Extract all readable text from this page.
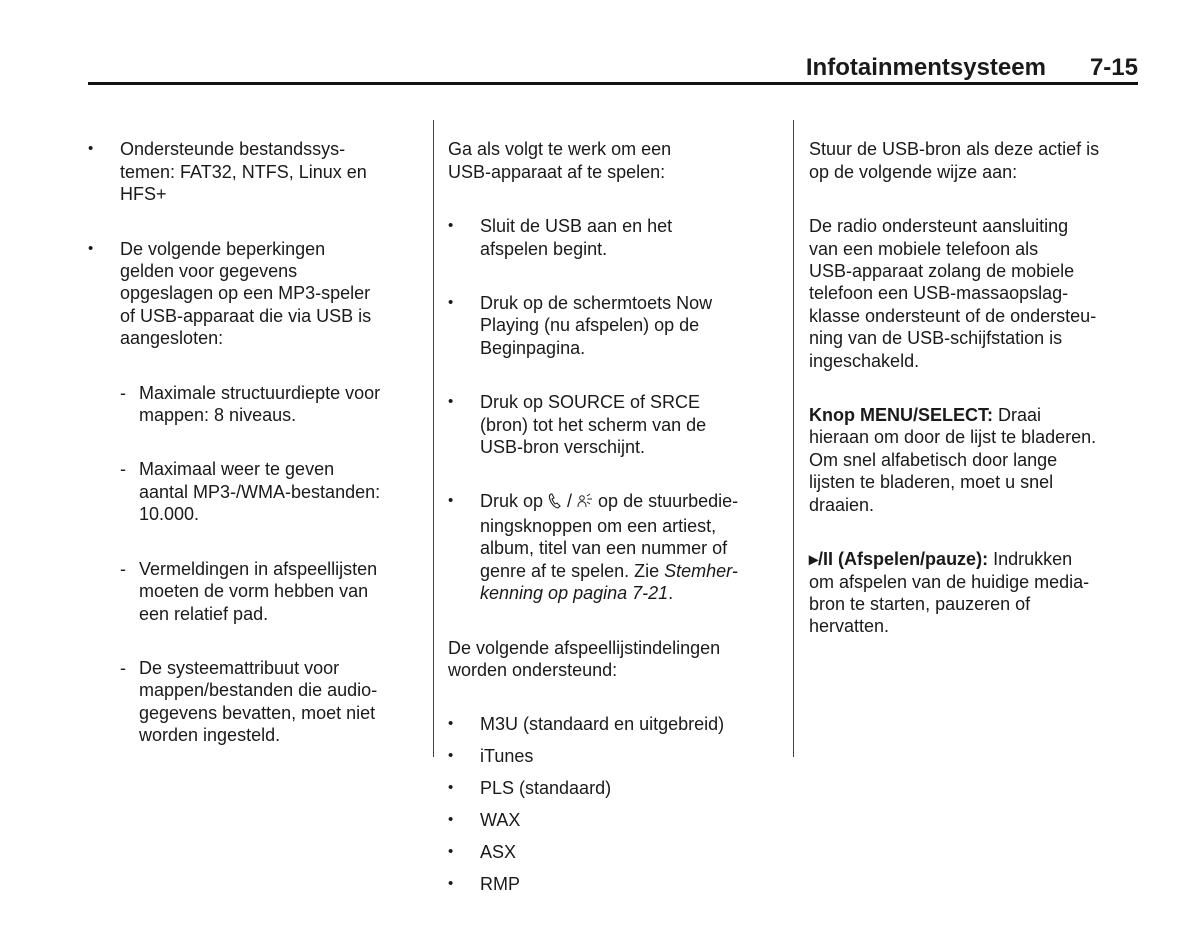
Infotainmentsysteem 7-15

•	Ondersteunde bestandssys-
temen: FAT32, NTFS, Linux en
HFS+

•	De volgende beperkingen
gelden voor gegevens
opgeslagen op een MP3-speler
of USB-apparaat die via USB is
aangesloten:

- Maximale structuurdiepte voor
mappen: 8 niveaus.

- Maximaal weer te geven
aantal MP3-/WMA-bestanden:
10.000.

- Vermeldingen in afspeellijsten
moeten de vorm hebben van
een relatief pad.

- De systeemattribuut voor
mappen/bestanden die audio-
gegevens bevatten, moet niet
worden ingesteld.

Ga als volgt te werk om een
USB-apparaat af te spelen:

•	Sluit de USB aan en het
afspelen begint.

•	Druk op de schermtoets Now
Playing (nu afspelen) op de
Beginpagina.

•	Druk op SOURCE of SRCE
(bron) tot het scherm van de
USB-bron verschijnt.

•	Druk op  /  op de stuurbedie-
ningsknoppen om een artiest,
album, titel van een nummer of
genre af te spelen. Zie Stemher-
kenning op pagina 7-21.

De volgende afspeellijstindelingen
worden ondersteund:

•	M3U (standaard en uitgebreid)
•	iTunes
•	PLS (standaard)
•	WAX
•	ASX
•	RMP

Stuur de USB-bron als deze actief is
op de volgende wijze aan:

De radio ondersteunt aansluiting
van een mobiele telefoon als
USB-apparaat zolang de mobiele
telefoon een USB-massaopslag-
klasse ondersteunt of de ondersteu-
ning van de USB-schijfstation is
ingeschakeld.

Knop MENU/SELECT: Draai
hieraan om door de lijst te bladeren.
Om snel alfabetisch door lange
lijsten te bladeren, moet u snel
draaien.

▸/II (Afspelen/pauze): Indrukken
om afspelen van de huidige media-
bron te starten, pauzeren of
hervatten.
